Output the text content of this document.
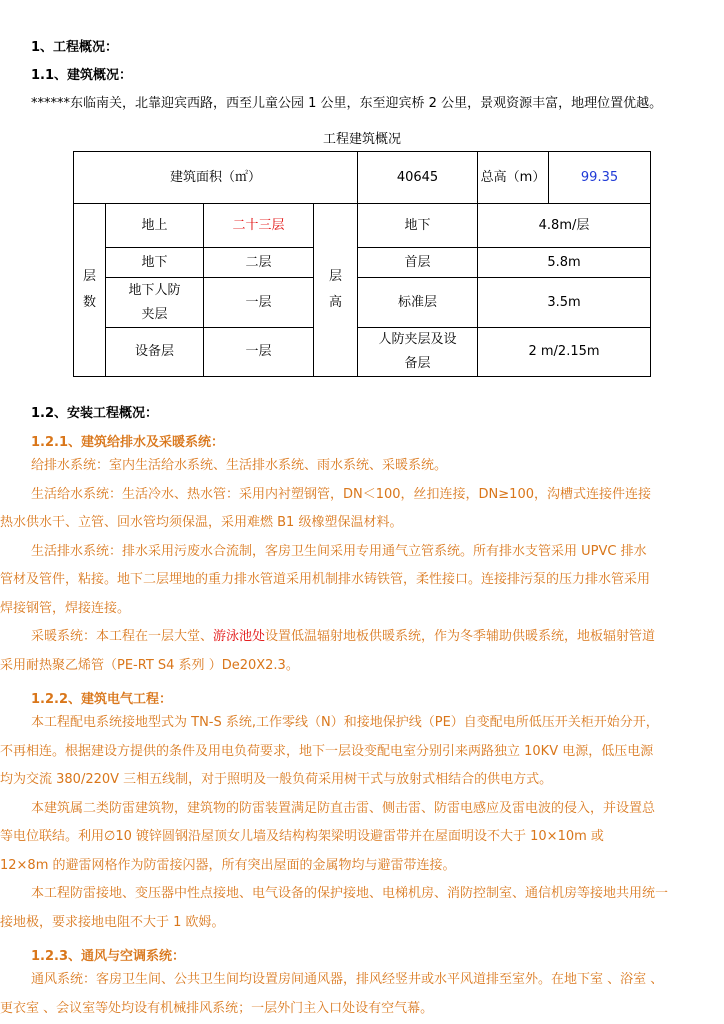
1、工程概况：
1.1、建筑概况：
******东临南关，北靠迎宾西路，西至儿童公园 1 公里，东至迎宾桥 2 公里，景观资源丰富，地理位置优越。
工程建筑概况
建筑面积（㎡）				40645	总高（m）	99.35
层数	地上	二十三层	层高	地下	4.8m/层	
	地下	二层		首层	5.8m	
	地下人防夹层	一层		标准层	3.5m	
	设备层	一层		人防夹层及设备层	2 m/2.15m	
1.2、安装工程概况：
1.2.1、建筑给排水及采暖系统：
给排水系统：室内生活给水系统、生活排水系统、雨水系统、采暖系统。
生活给水系统：生活冷水、热水管：采用内衬塑钢管，DN＜100，丝扣连接，DN≥100，沟槽式连接件连接
热水供水干、立管、回水管均须保温，采用难燃 B1 级橡塑保温材料。
生活排水系统：排水采用污废水合流制，客房卫生间采用专用通气立管系统。所有排水支管采用 UPVC 排水
管材及管件，粘接。地下二层埋地的重力排水管道采用机制排水铸铁管，柔性接口。连接排污泵的压力排水管采用
焊接钢管，焊接连接。
采暖系统：本工程在一层大堂、游泳池处设置低温辐射地板供暖系统，作为冬季辅助供暖系统，地板辐射管道
采用耐热聚乙烯管（PE-RT S4 系列 ）De20X2.3。
1.2.2、建筑电气工程：
本工程配电系统接地型式为 TN-S 系统,工作零线（N）和接地保护线（PE）自变配电所低压开关柜开始分开，
不再相连。根据建设方提供的条件及用电负荷要求，地下一层设变配电室分别引来两路独立 10KV 电源，低压电源
均为交流 380/220V 三相五线制，对于照明及一般负荷采用树干式与放射式相结合的供电方式。
本建筑属二类防雷建筑物，建筑物的防雷装置满足防直击雷、侧击雷、防雷电感应及雷电波的侵入，并设置总
等电位联结。利用∅10 镀锌圆钢沿屋顶女儿墙及结构构架梁明设避雷带并在屋面明设不大于 10×10m 或
12×8m 的避雷网格作为防雷接闪器，所有突出屋面的金属物均与避雷带连接。
本工程防雷接地、变压器中性点接地、电气设备的保护接地、电梯机房、消防控制室、通信机房等接地共用统一
接地极，要求接地电阻不大于 1 欧姆。
1.2.3、通风与空调系统：
通风系统：客房卫生间、公共卫生间均设置房间通风器，排风经竖井或水平风道排至室外。在地下室 、浴室 、
更衣室 、会议室等处均设有机械排风系统；一层外门主入口处设有空气幕。
